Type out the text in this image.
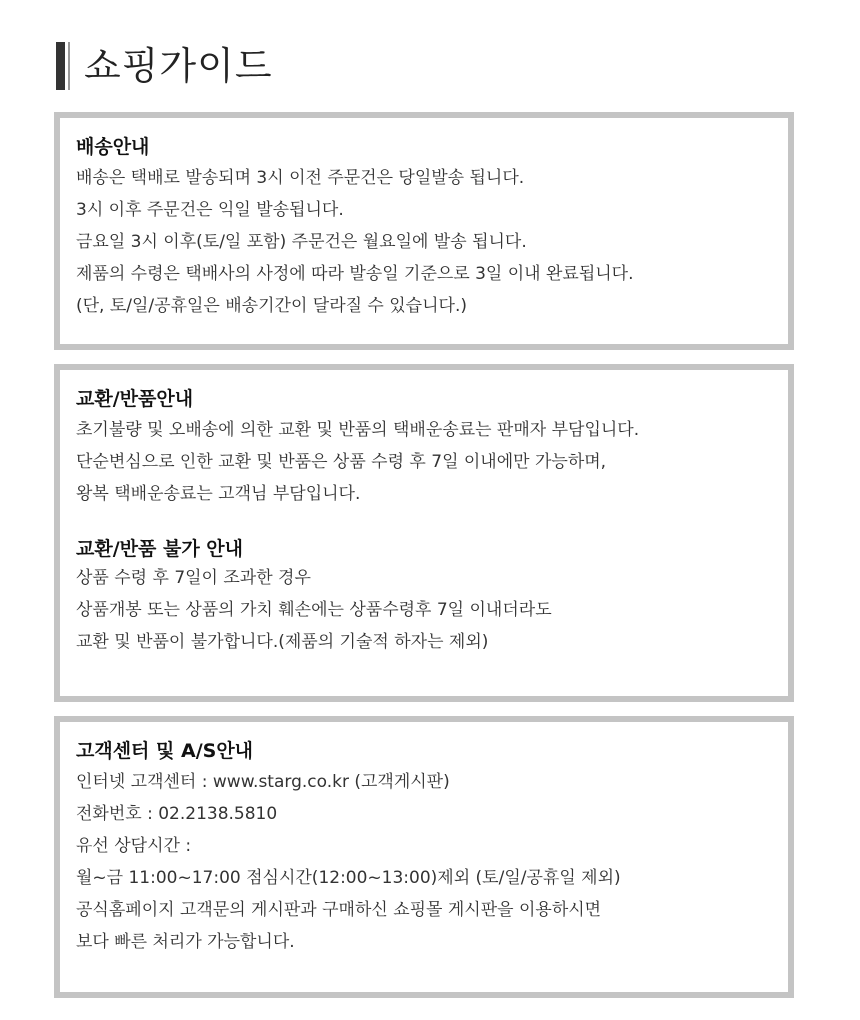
쇼핑가이드
배송안내
배송은 택배로 발송되며 3시 이전 주문건은 당일발송 됩니다.
3시 이후 주문건은 익일 발송됩니다.
금요일 3시 이후(토/일 포함) 주문건은 월요일에 발송 됩니다.
제품의 수령은 택배사의 사정에 따라 발송일 기준으로 3일 이내 완료됩니다.
(단, 토/일/공휴일은 배송기간이 달라질 수 있습니다.)
교환/반품안내
초기불량 및 오배송에 의한 교환 및 반품의 택배운송료는 판매자 부담입니다.
단순변심으로 인한 교환 및 반품은 상품 수령 후 7일 이내에만 가능하며,
왕복 택배운송료는 고객님 부담입니다.
교환/반품 불가 안내
상품 수령 후 7일이 조과한 경우
상품개봉 또는 상품의 가치 훼손에는 상품수령후 7일 이내더라도
교환 및 반품이 불가합니다.(제품의 기술적 하자는 제외)
고객센터 및 A/S안내
인터넷 고객센터 : www.starg.co.kr (고객게시판)
전화번호 : 02.2138.5810
유선 상담시간 :
월~금 11:00~17:00 점심시간(12:00~13:00)제외 (토/일/공휴일 제외)
공식홈페이지 고객문의 게시판과 구매하신 쇼핑몰 게시판을 이용하시면
보다 빠른 처리가 가능합니다.
